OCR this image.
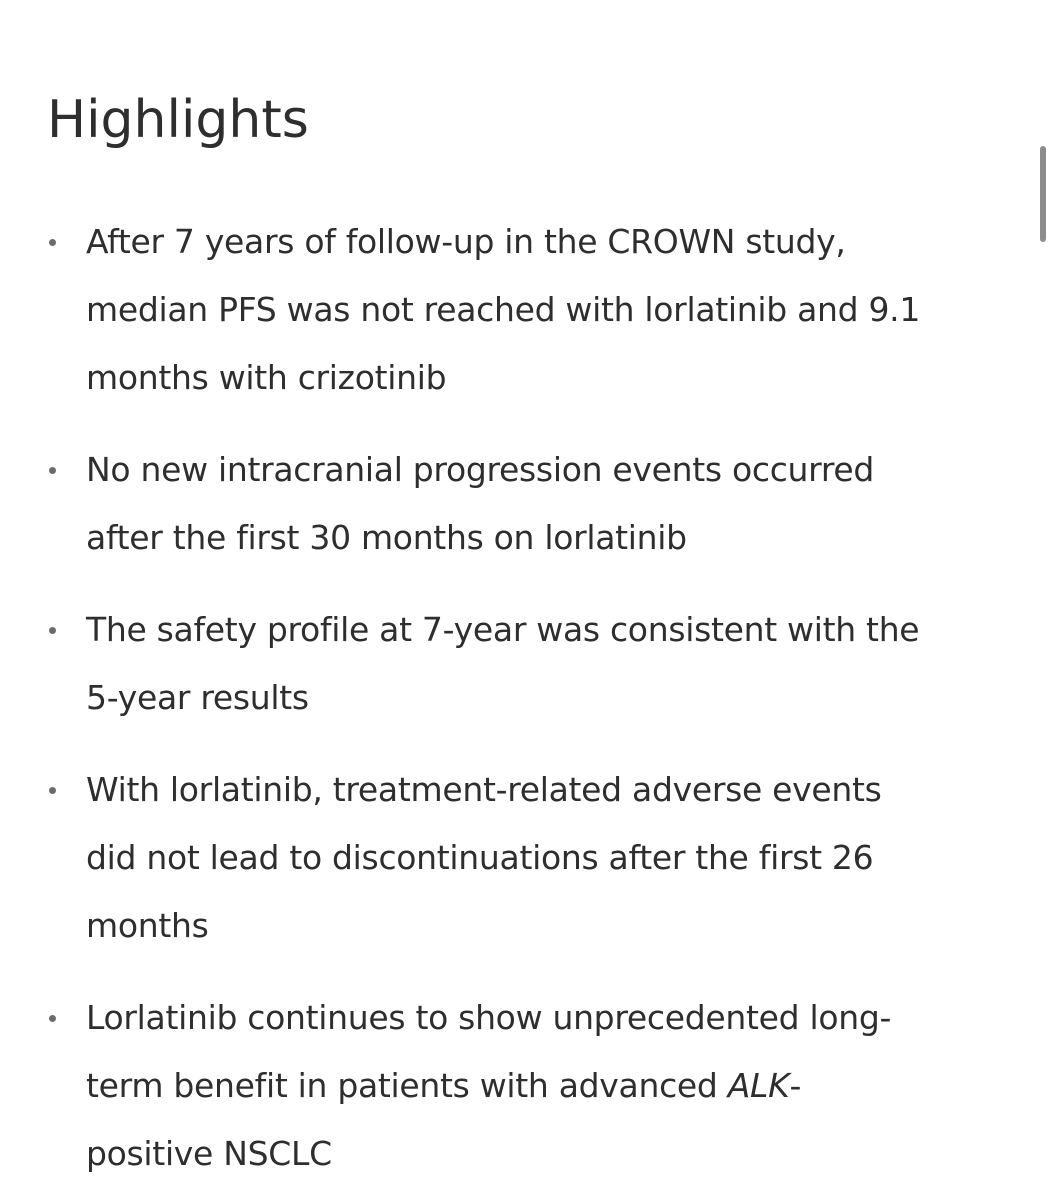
Highlights
After 7 years of follow-up in the CROWN study,
median PFS was not reached with lorlatinib and 9.1
months with crizotinib
No new intracranial progression events occurred
after the first 30 months on lorlatinib
The safety profile at 7-year was consistent with the
5-year results
With lorlatinib, treatment-related adverse events
did not lead to discontinuations after the first 26
months
Lorlatinib continues to show unprecedented long-
term benefit in patients with advanced ALK-
positive NSCLC
